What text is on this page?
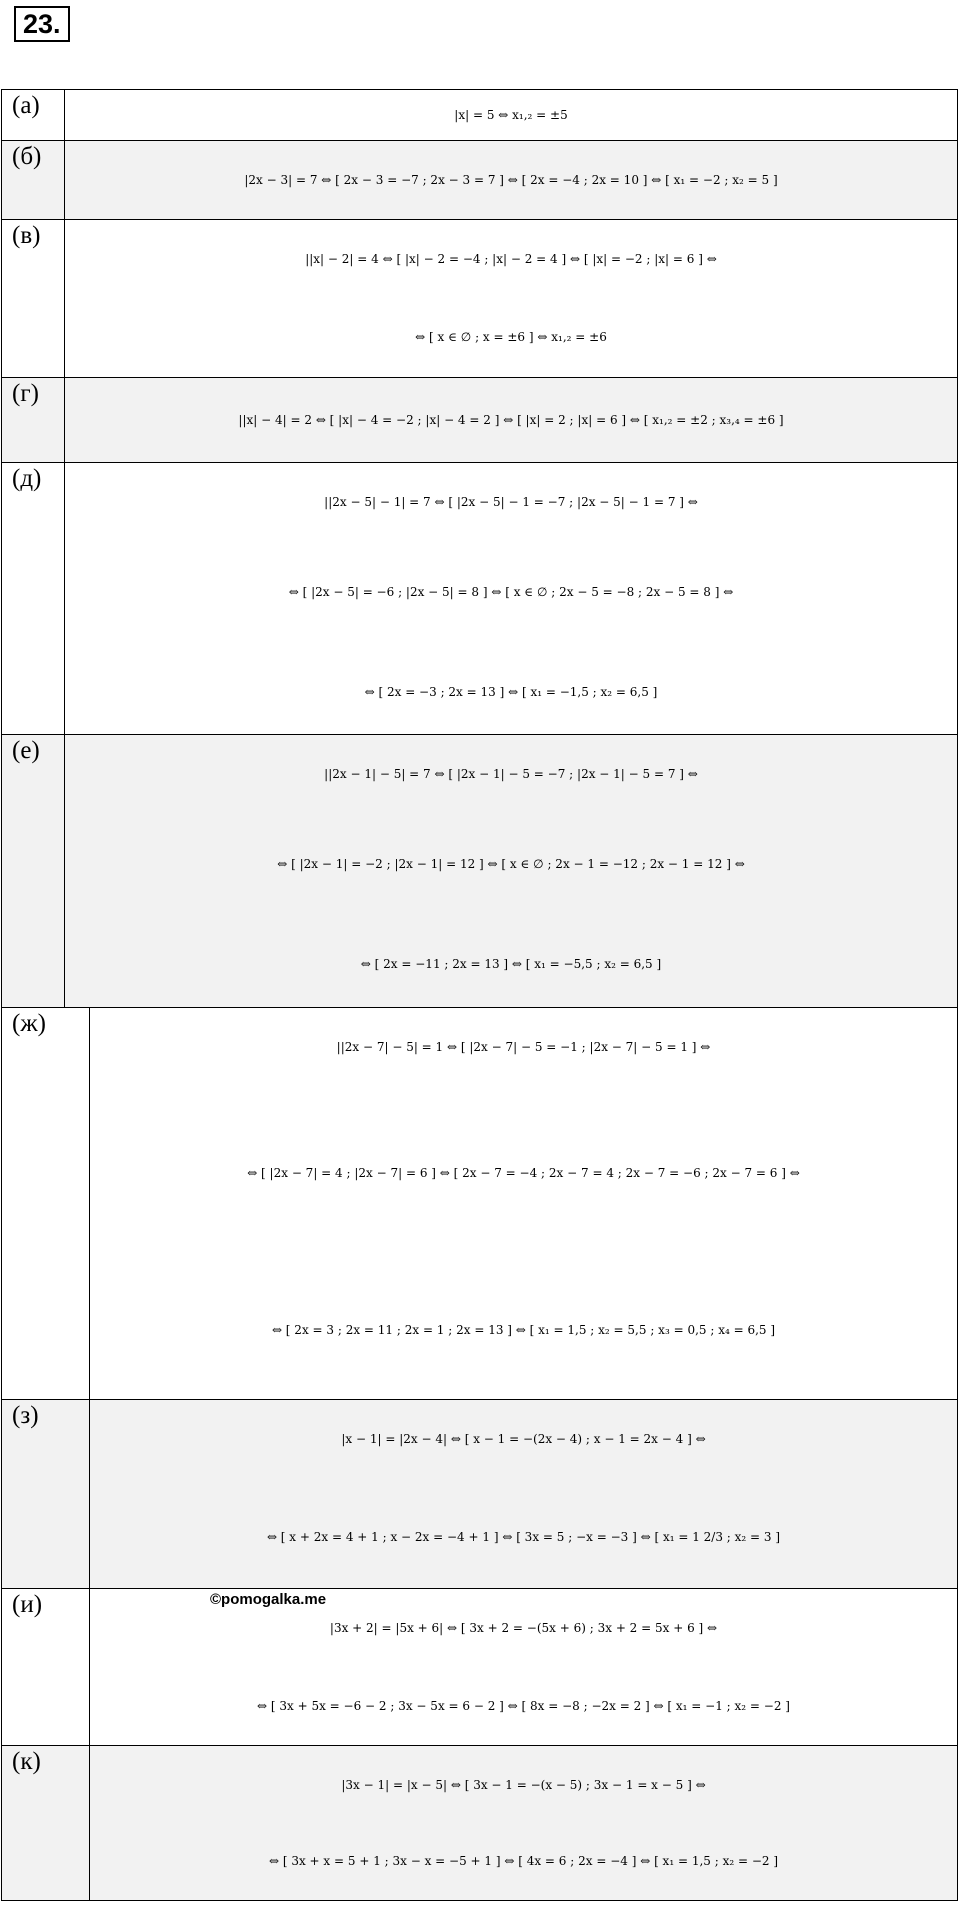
23.
(а)	|x| = 5 ⇔ x₁,₂ = ±5
(б)
|2x − 3| = 7 ⇔ [ 2x − 3 = −7 ; 2x − 3 = 7 ] ⇔ [ 2x = −4 ; 2x = 10 ] ⇔ [ x₁ = −2 ; x₂ = 5 ]
(в)
||x| − 2| = 4 ⇔ [ |x| − 2 = −4 ; |x| − 2 = 4 ] ⇔ [ |x| = −2 ; |x| = 6 ] ⇔
⇔ [ x ∈ ∅ ; x = ±6 ] ⇔ x₁,₂ = ±6
(г)
||x| − 4| = 2 ⇔ [ |x| − 4 = −2 ; |x| − 4 = 2 ] ⇔ [ |x| = 2 ; |x| = 6 ] ⇔ [ x₁,₂ = ±2 ; x₃,₄ = ±6 ]
(д)
||2x − 5| − 1| = 7 ⇔ [ |2x − 5| − 1 = −7 ; |2x − 5| − 1 = 7 ] ⇔
⇔ [ |2x − 5| = −6 ; |2x − 5| = 8 ] ⇔ [ x ∈ ∅ ; 2x − 5 = −8 ; 2x − 5 = 8 ] ⇔
⇔ [ 2x = −3 ; 2x = 13 ] ⇔ [ x₁ = −1,5 ; x₂ = 6,5 ]
(е)
||2x − 1| − 5| = 7 ⇔ [ |2x − 1| − 5 = −7 ; |2x − 1| − 5 = 7 ] ⇔
⇔ [ |2x − 1| = −2 ; |2x − 1| = 12 ] ⇔ [ x ∈ ∅ ; 2x − 1 = −12 ; 2x − 1 = 12 ] ⇔
⇔ [ 2x = −11 ; 2x = 13 ] ⇔ [ x₁ = −5,5 ; x₂ = 6,5 ]
(ж)
||2x − 7| − 5| = 1 ⇔ [ |2x − 7| − 5 = −1 ; |2x − 7| − 5 = 1 ] ⇔
⇔ [ |2x − 7| = 4 ; |2x − 7| = 6 ] ⇔ [ 2x − 7 = −4 ; 2x − 7 = 4 ; 2x − 7 = −6 ; 2x − 7 = 6 ] ⇔
⇔ [ 2x = 3 ; 2x = 11 ; 2x = 1 ; 2x = 13 ] ⇔ [ x₁ = 1,5 ; x₂ = 5,5 ; x₃ = 0,5 ; x₄ = 6,5 ]
(з)
|x − 1| = |2x − 4| ⇔ [ x − 1 = −(2x − 4) ; x − 1 = 2x − 4 ] ⇔
⇔ [ x + 2x = 4 + 1 ; x − 2x = −4 + 1 ] ⇔ [ 3x = 5 ; −x = −3 ] ⇔ [ x₁ = 1 2/3 ; x₂ = 3 ]
(и)	©pomogalka.me
|3x + 2| = |5x + 6| ⇔ [ 3x + 2 = −(5x + 6) ; 3x + 2 = 5x + 6 ] ⇔
⇔ [ 3x + 5x = −6 − 2 ; 3x − 5x = 6 − 2 ] ⇔ [ 8x = −8 ; −2x = 2 ] ⇔ [ x₁ = −1 ; x₂ = −2 ]
(к)
|3x − 1| = |x − 5| ⇔ [ 3x − 1 = −(x − 5) ; 3x − 1 = x − 5 ] ⇔
⇔ [ 3x + x = 5 + 1 ; 3x − x = −5 + 1 ] ⇔ [ 4x = 6 ; 2x = −4 ] ⇔ [ x₁ = 1,5 ; x₂ = −2 ]
